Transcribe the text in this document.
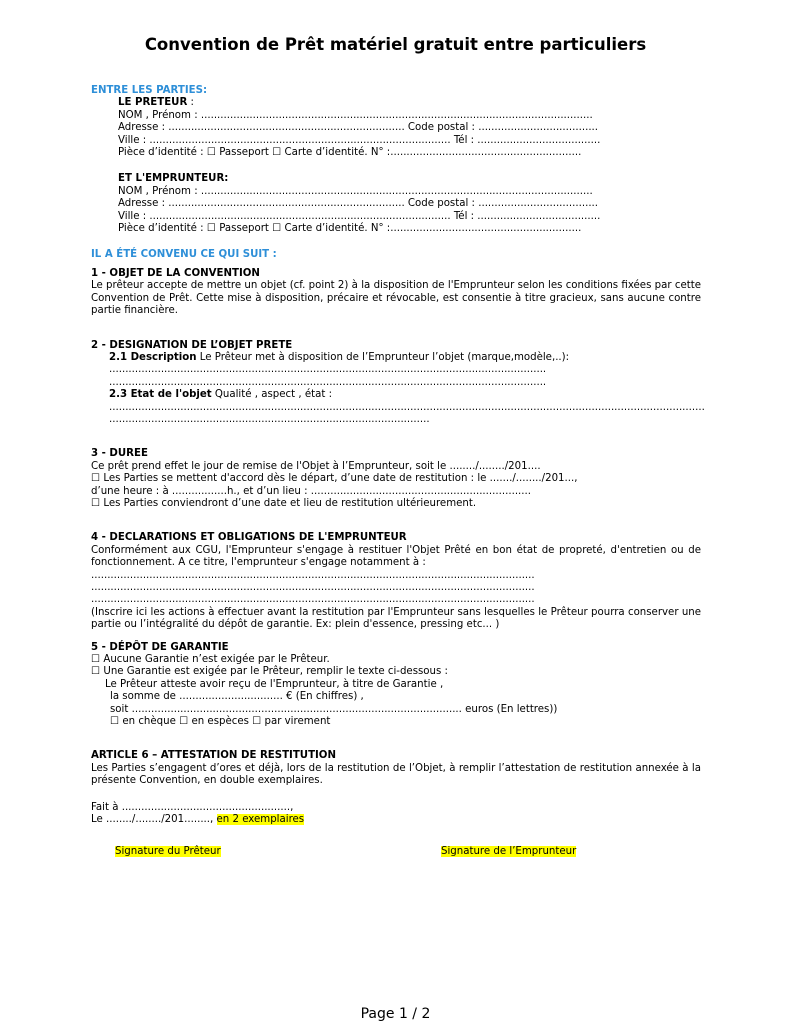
Convention de Prêt matériel gratuit entre particuliers
ENTRE LES PARTIES:
LE PRETEUR :
NOM , Prénom : .........................................................................................................................
Adresse : ......................................................................... Code postal : .....................................
Ville : ............................................................................................. Tél : ......................................
Pièce d’identité : ☐ Passeport ☐ Carte d’identité. N° :...........................................................
ET L'EMPRUNTEUR:
NOM , Prénom : .........................................................................................................................
Adresse : ......................................................................... Code postal : .....................................
Ville : ............................................................................................. Tél : ......................................
Pièce d’identité : ☐ Passeport ☐ Carte d’identité. N° :...........................................................
IL A ÉTÉ CONVENU CE QUI SUIT :
1 - OBJET DE LA CONVENTION
Le prêteur accepte de mettre un objet (cf. point 2) à la disposition de l'Emprunteur selon les conditions fixées par cette Convention de Prêt. Cette mise à disposition, précaire et révocable, est consentie à titre gracieux, sans aucune contre partie financière.
2 - DESIGNATION DE L’OBJET PRETE
2.1 Description Le Prêteur met à disposition de l’Emprunteur l’objet (marque,modèle,..):
.......................................................................................................................................
.......................................................................................................................................
2.3 Etat de l'objet Qualité , aspect , état :
........................................................................................................................................................................................
...................................................................................................
3 - DUREE
Ce prêt prend effet le jour de remise de l'Objet à l’Emprunteur, soit le ......../......../201....
☐ Les Parties se mettent d'accord dès le départ, d’une date de restitution : le ......./......../201...,
d’une heure : à .................h., et d’un lieu : ....................................................................
☐ Les Parties conviendront d’une date et lieu de restitution ultérieurement.
4 - DECLARATIONS ET OBLIGATIONS DE L'EMPRUNTEUR
Conformément aux CGU, l'Emprunteur s'engage à restituer l'Objet Prêté en bon état de propreté, d'entretien ou de fonctionnement. A ce titre, l'emprunteur s'engage notamment à :
.........................................................................................................................................
.........................................................................................................................................
.........................................................................................................................................
(Inscrire ici les actions à effectuer avant la restitution par l'Emprunteur sans lesquelles le Prêteur pourra conserver une partie ou l’intégralité du dépôt de garantie. Ex: plein d'essence, pressing etc... )
5 - DÉPÔT DE GARANTIE
☐ Aucune Garantie n’est exigée par le Prêteur.
☐ Une Garantie est exigée par le Prêteur, remplir le texte ci-dessous :
Le Prêteur atteste avoir reçu de l'Emprunteur, à titre de Garantie ,
la somme de ................................ € (En chiffres) ,
soit ...................................................................................................... euros (En lettres))
☐ en chèque ☐ en espèces ☐ par virement
ARTICLE 6 – ATTESTATION DE RESTITUTION
Les Parties s’engagent d’ores et déjà, lors de la restitution de l’Objet, à remplir l’attestation de restitution annexée à la présente Convention, en double exemplaires.
Fait à ....................................................,
Le ......../......../201........, en 2 exemplaires
Signature du Prêteur	Signature de l’Emprunteur
Page 1 / 2
